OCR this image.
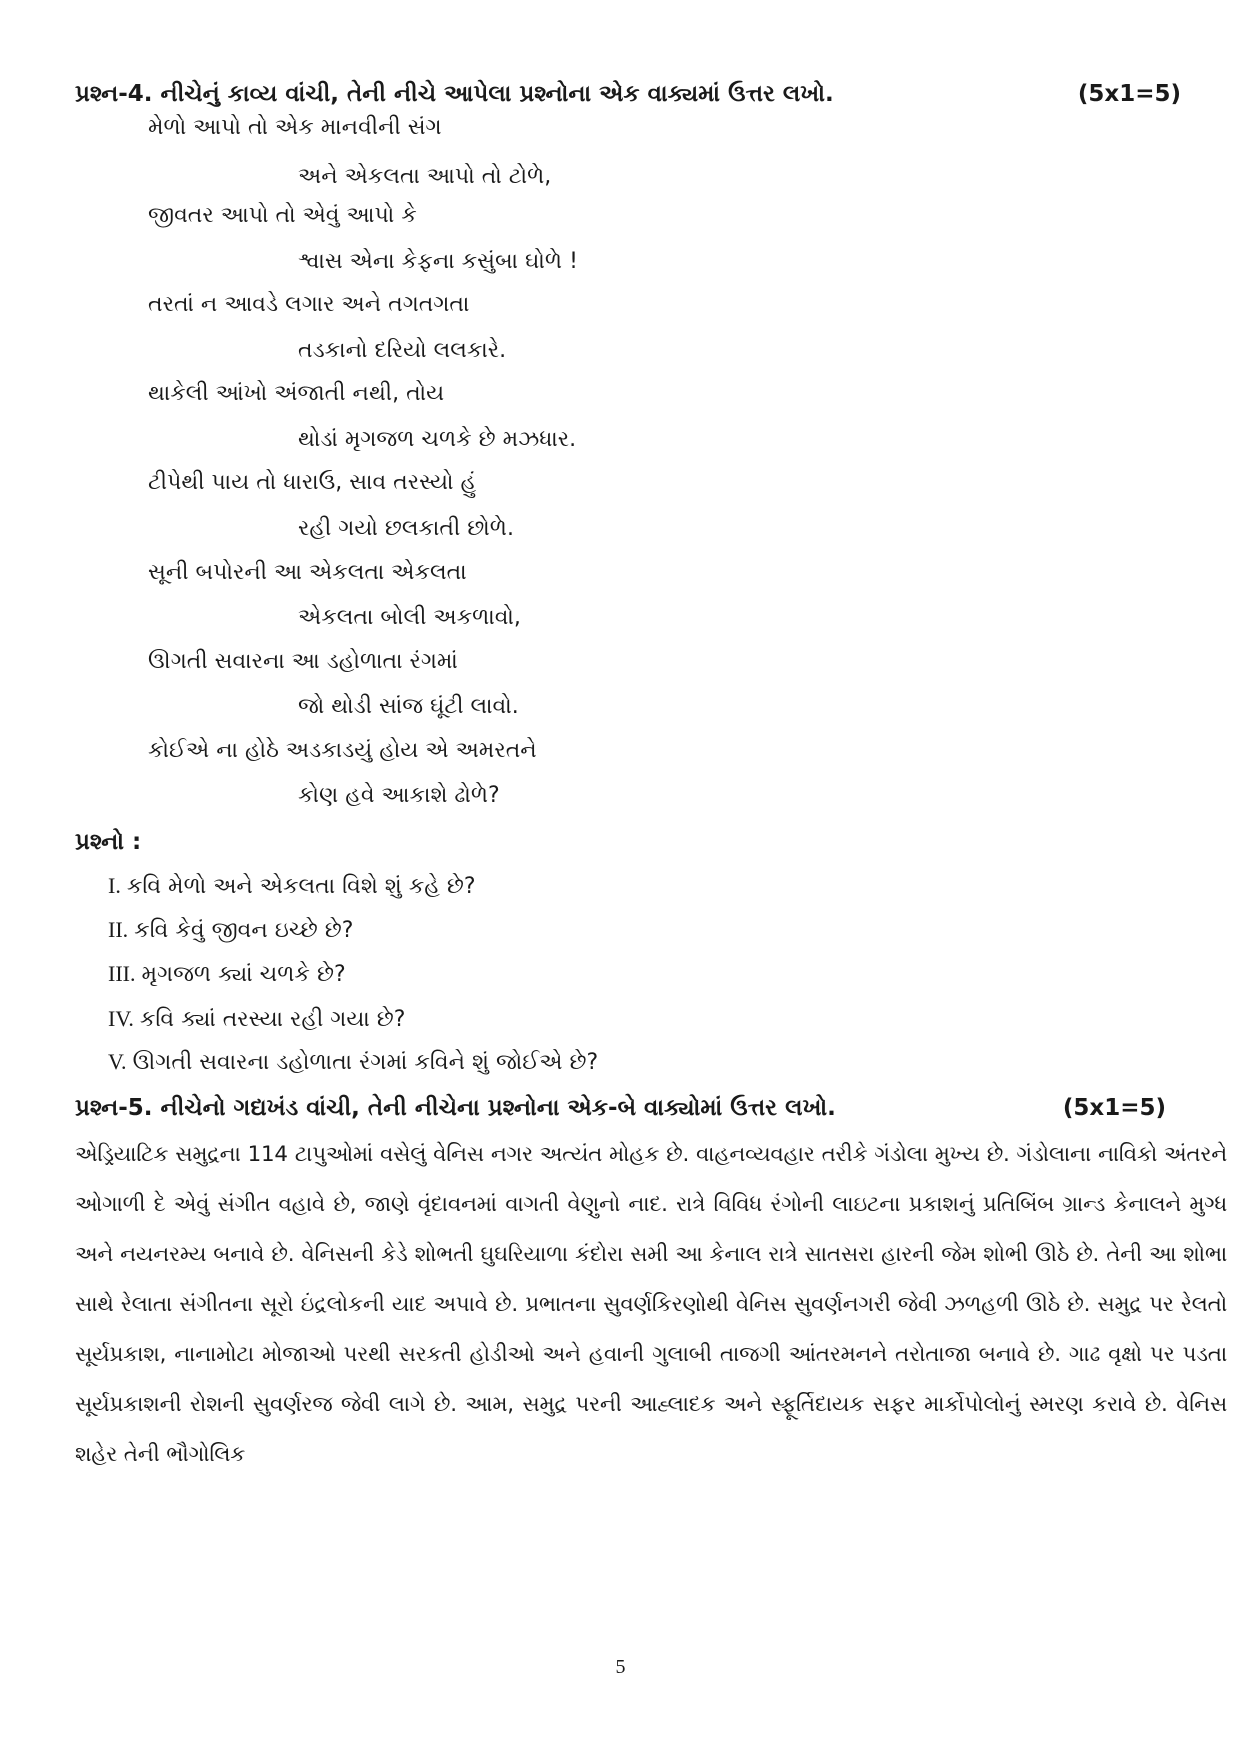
પ્રશ્ન-4. નીચેનું કાવ્ય વાંચી, તેની નીચે આપેલા પ્રશ્નોના એક વાક્યમાં ઉત્તર લખો.	(5x1=5)
મેળો આપો તો એક માનવીની સંગ
અને એકલતા આપો તો ટોળે,
જીવતર આપો તો એવું આપો કે
શ્વાસ એના કેફના કસુંબા ઘોળે !
તરતાં ન આવડે લગાર અને તગતગતા
તડકાનો દરિયો લલકારે.
થાકેલી આંખો અંજાતી નથી, તોય
થોડાં મૃગજળ ચળકે છે મઝધાર.
ટીપેથી પાય તો ધારાઉ, સાવ તરસ્યો હું
રહી ગયો છલકાતી છોળે.
સૂની બપોરની આ એકલતા એકલતા
એકલતા બોલી અકળાવો,
ઊગતી સવારના આ ડહોળાતા રંગમાં
જો થોડી સાંજ ઘૂંટી લાવો.
કોઈએ ના હોઠે અડકાડયું હોય એ અમરતને
કોણ હવે આકાશે ઢોળે?
પ્રશ્નો :
I. કવિ મેળો અને એકલતા વિશે શું કહે છે?
II. કવિ કેવું જીવન ઇચ્છે છે?
III. મૃગજળ ક્યાં ચળકે છે?
IV. કવિ ક્યાં તરસ્યા રહી ગયા છે?
V. ઊગતી સવારના ડહોળાતા રંગમાં કવિને શું જોઈએ છે?
પ્રશ્ન-5. નીચેનો ગદ્યખંડ વાંચી, તેની નીચેના પ્રશ્નોના એક-બે વાક્યોમાં ઉત્તર લખો.	(5x1=5)
એડ્રિયાટિક સમુદ્રના 114 ટાપુઓમાં વસેલું વેનિસ નગર અત્યંત મોહક છે. વાહનવ્યવહાર તરીકે ગંડોલા મુખ્ય છે. ગંડોલાના નાવિકો અંતરને ઓગાળી દે એવું સંગીત વહાવે છે, જાણે વૃંદાવનમાં વાગતી વેણુનો નાદ. રાત્રે વિવિધ રંગોની લાઇટના પ્રકાશનું પ્રતિબિંબ ગ્રાન્ડ કેનાલને મુગ્ધ અને નયનરમ્ય બનાવે છે. વેનિસની કેડે શોભતી ઘુઘરિયાળા કંદોરા સમી આ કેનાલ રાત્રે સાતસરા હારની જેમ શોભી ઊઠે છે. તેની આ શોભા સાથે રેલાતા સંગીતના સૂરો ઇંદ્રલોકની યાદ અપાવે છે. પ્રભાતના સુવર્ણકિરણોથી વેનિસ સુવર્ણનગરી જેવી ઝળહળી ઊઠે છે. સમુદ્ર પર રેલતો સૂર્યપ્રકાશ, નાનામોટા મોજાઓ પરથી સરકતી હોડીઓ અને હવાની ગુલાબી તાજગી આંતરમનને તરોતાજા બનાવે છે. ગાઢ વૃક્ષો પર પડતા સૂર્યપ્રકાશની રોશની સુવર્ણરજ જેવી લાગે છે. આમ, સમુદ્ર પરની આહ્લાદક અને સ્ફૂર્તિદાયક સફર માર્કોપોલોનું સ્મરણ કરાવે છે. વેનિસ શહેર તેની ભૌગોલિક
5
